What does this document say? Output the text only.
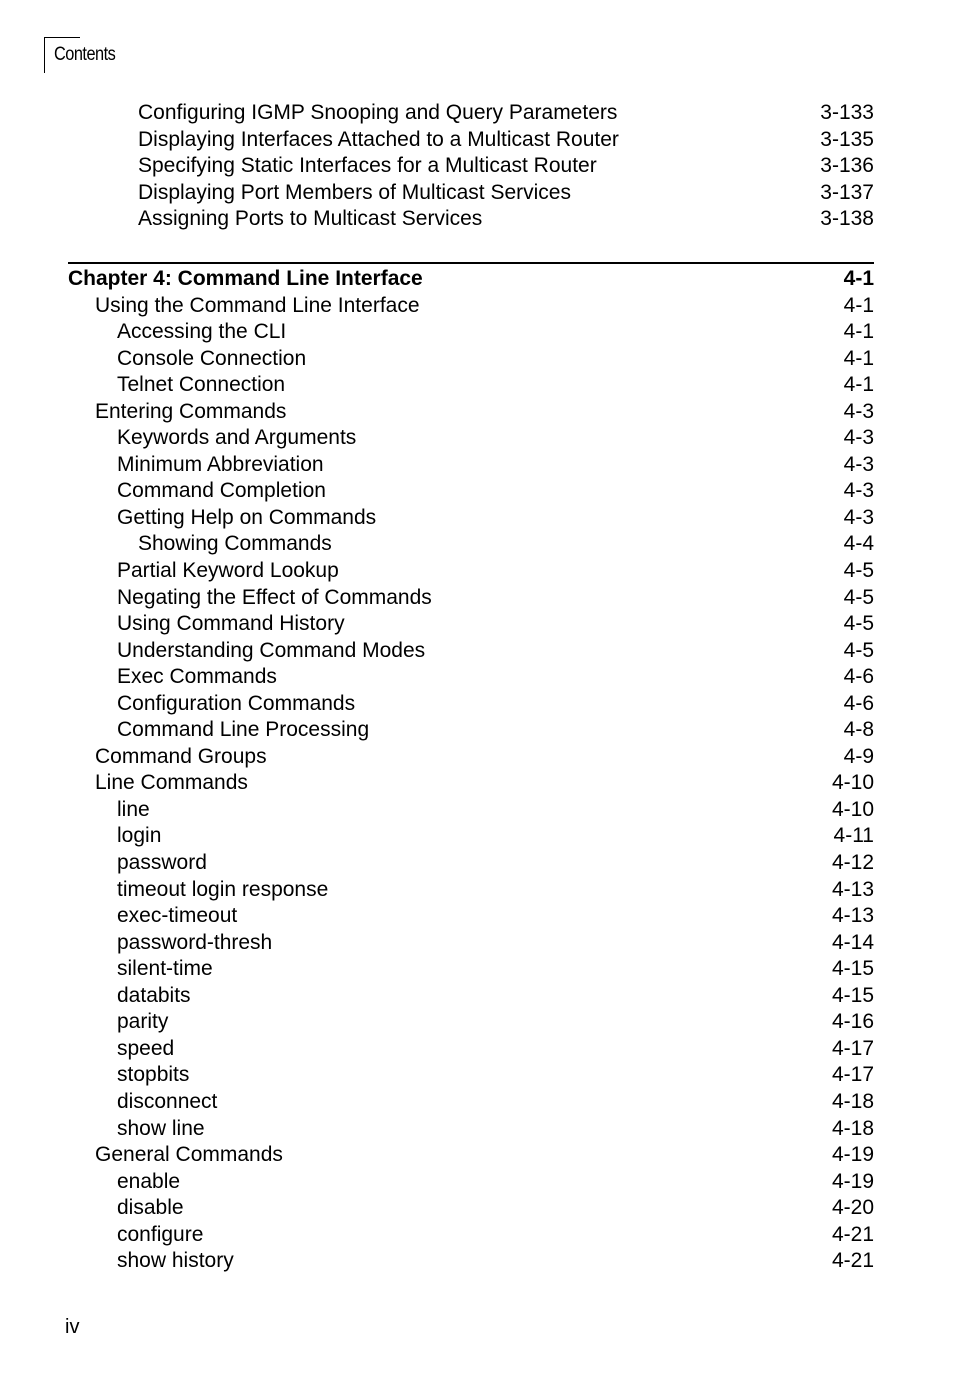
Contents
Configuring IGMP Snooping and Query Parameters	3-133
Displaying Interfaces Attached to a Multicast Router	3-135
Specifying Static Interfaces for a Multicast Router	3-136
Displaying Port Members of Multicast Services	3-137
Assigning Ports to Multicast Services	3-138
Chapter 4: Command Line Interface	4-1
Using the Command Line Interface	4-1
Accessing the CLI	4-1
Console Connection	4-1
Telnet Connection	4-1
Entering Commands	4-3
Keywords and Arguments	4-3
Minimum Abbreviation	4-3
Command Completion	4-3
Getting Help on Commands	4-3
Showing Commands	4-4
Partial Keyword Lookup	4-5
Negating the Effect of Commands	4-5
Using Command History	4-5
Understanding Command Modes	4-5
Exec Commands	4-6
Configuration Commands	4-6
Command Line Processing	4-8
Command Groups	4-9
Line Commands	4-10
line	4-10
login	4-11
password	4-12
timeout login response	4-13
exec-timeout	4-13
password-thresh	4-14
silent-time	4-15
databits	4-15
parity	4-16
speed	4-17
stopbits	4-17
disconnect	4-18
show line	4-18
General Commands	4-19
enable	4-19
disable	4-20
configure	4-21
show history	4-21
iv
